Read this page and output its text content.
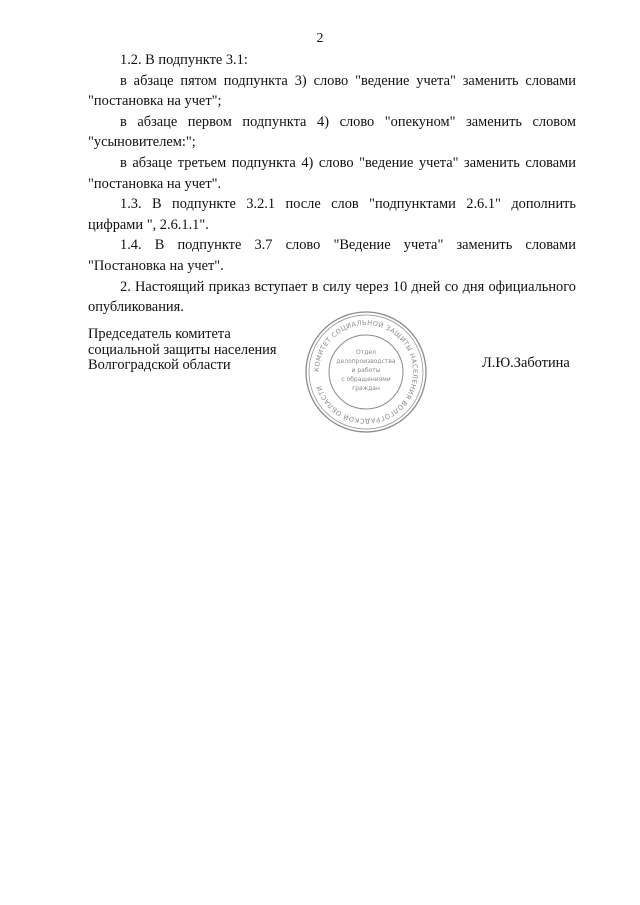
2

1.2. В подпункте 3.1:

в абзаце пятом подпункта 3) слово "ведение учета" заменить словами "постановка на учет";

в абзаце первом подпункта 4) слово "опекуном" заменить словом "усыновителем:";

в абзаце третьем подпункта 4) слово "ведение учета" заменить словами "постановка на учет".

1.3. В подпункте 3.2.1 после слов "подпунктами 2.6.1" дополнить цифрами ", 2.6.1.1".

1.4. В подпункте 3.7 слово "Ведение учета" заменить словами "Постановка на учет".

2. Настоящий приказ вступает в силу через 10 дней со дня официального опубликования.

Председатель комитета
социальной защиты населения
Волгоградской области	Л.Ю.Заботина
КОМИТЕТ СОЦИАЛЬНОЙ ЗАЩИТЫ НАСЕЛЕНИЯ ВОЛГОГРАДСКОЙ ОБЛАСТИ
Отдел
делопроизводства
и работы
с обращениями
граждан
